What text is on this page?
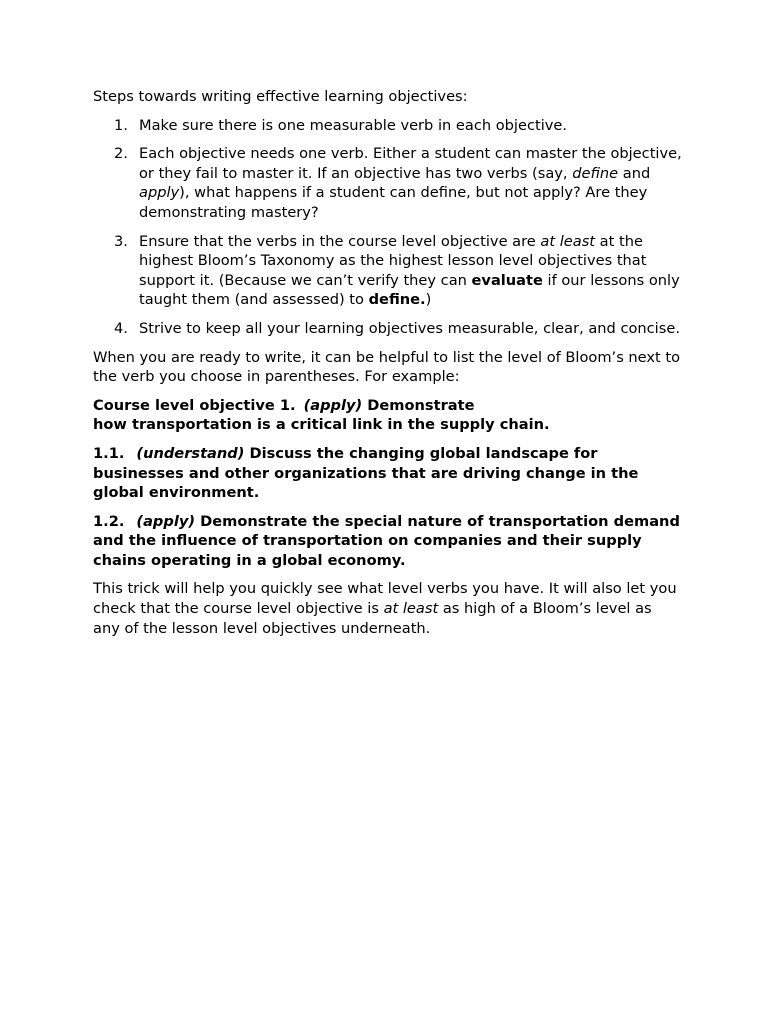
Steps towards writing effective learning objectives:

1. Make sure there is one measurable verb in each objective.
2. Each objective needs one verb. Either a student can master the objective, or they fail to master it. If an objective has two verbs (say, define and apply), what happens if a student can define, but not apply? Are they demonstrating mastery?
3. Ensure that the verbs in the course level objective are at least at the highest Bloom’s Taxonomy as the highest lesson level objectives that support it. (Because we can’t verify they can evaluate if our lessons only taught them (and assessed) to define.)
4. Strive to keep all your learning objectives measurable, clear, and concise.

When you are ready to write, it can be helpful to list the level of Bloom’s next to the verb you choose in parentheses. For example:

Course level objective 1. (apply) Demonstrate
how transportation is a critical link in the supply chain.

1.1. (understand) Discuss the changing global landscape for businesses and other organizations that are driving change in the global environment.

1.2. (apply) Demonstrate the special nature of transportation demand and the influence of transportation on companies and their supply chains operating in a global economy.

This trick will help you quickly see what level verbs you have. It will also let you check that the course level objective is at least as high of a Bloom’s level as any of the lesson level objectives underneath.
